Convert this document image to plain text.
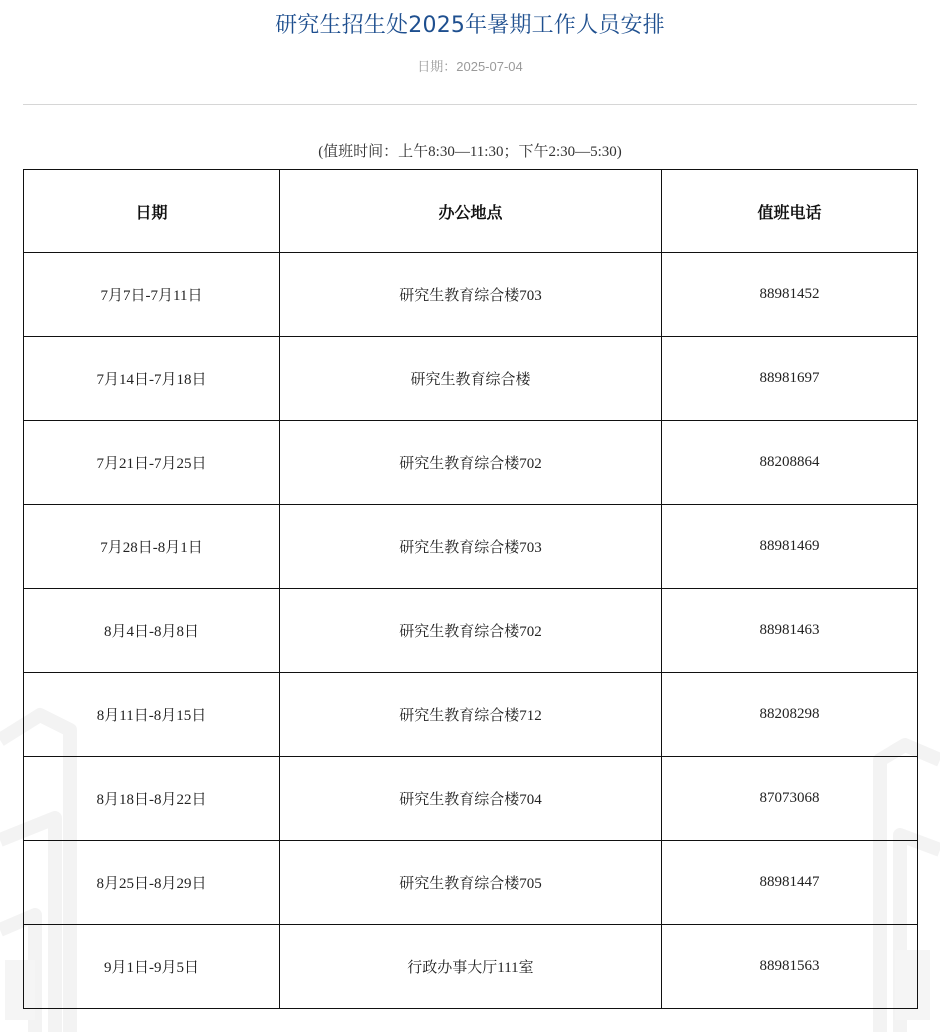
研究生招生处2025年暑期工作人员安排
日期：2025-07-04
(值班时间：上午8:30—11:30；下午2:30—5:30)
日期	办公地点	值班电话
7月7日-7月11日	研究生教育综合楼703	88981452
7月14日-7月18日	研究生教育综合楼	88981697
7月21日-7月25日	研究生教育综合楼702	88208864
7月28日-8月1日	研究生教育综合楼703	88981469
8月4日-8月8日	研究生教育综合楼702	88981463
8月11日-8月15日	研究生教育综合楼712	88208298
8月18日-8月22日	研究生教育综合楼704	87073068
8月25日-8月29日	研究生教育综合楼705	88981447
9月1日-9月5日	行政办事大厅111室	88981563
